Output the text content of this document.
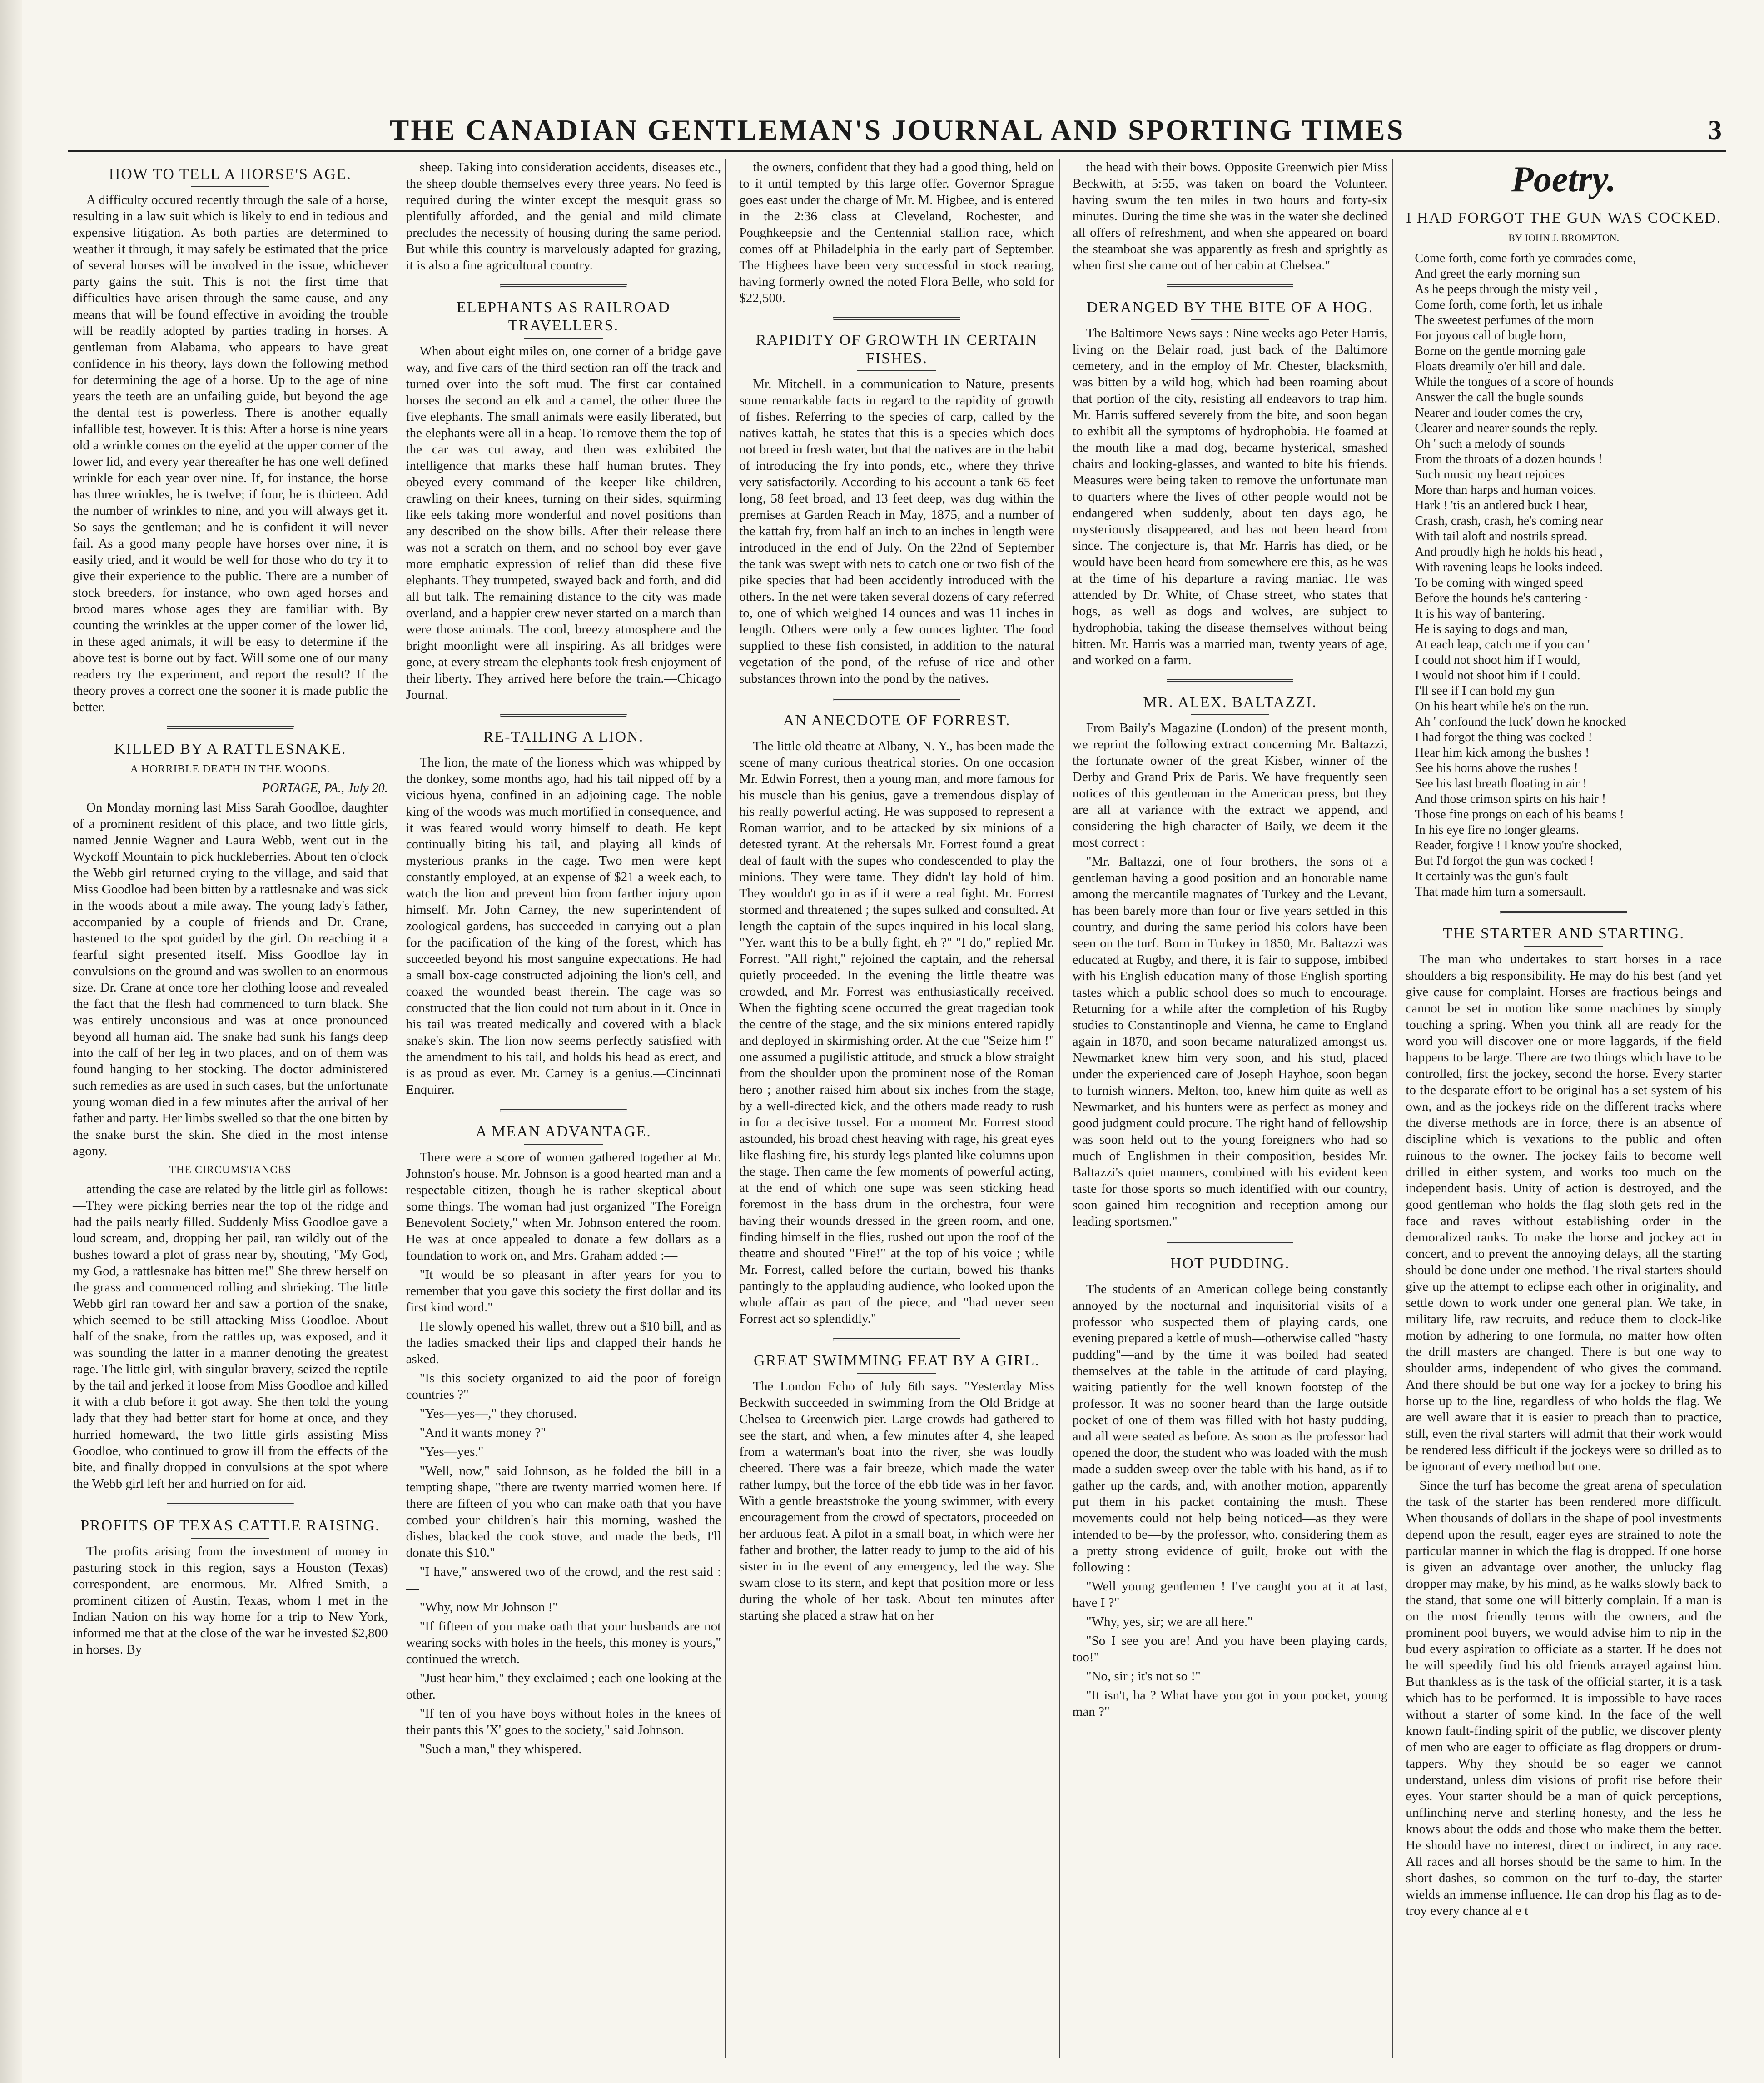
THE CANADIAN GENTLEMAN'S JOURNAL AND SPORTING TIMES	3
HOW TO TELL A HORSE'S AGE.

A difficulty occured recently through the sale of a horse, resulting in a law suit which is likely to end in tedious and expensive litigation. As both parties are determined to weather it through, it may safely be estimated that the price of several horses will be involved in the issue, whichever party gains the suit. This is not the first time that difficulties have arisen through the same cause, and any means that will be found effective in avoiding the trouble will be readily adopted by parties trading in horses. A gentleman from Alabama, who appears to have great confidence in his theory, lays down the following method for determining the age of a horse. Up to the age of nine years the teeth are an unfailing guide, but beyond the age the dental test is powerless. There is another equally infallible test, however. It is this: After a horse is nine years old a wrinkle comes on the eyelid at the upper corner of the lower lid, and every year thereafter he has one well defined wrinkle for each year over nine. If, for instance, the horse has three wrinkles, he is twelve; if four, he is thirteen. Add the number of wrinkles to nine, and you will always get it. So says the gentleman; and he is confident it will never fail. As a good many people have horses over nine, it is easily tried, and it would be well for those who do try it to give their experience to the public. There are a number of stock breeders, for instance, who own aged horses and brood mares whose ages they are familiar with. By counting the wrinkles at the upper corner of the lower lid, in these aged animals, it will be easy to determine if the above test is borne out by fact. Will some one of our many readers try the experiment, and report the result? If the theory proves a correct one the sooner it is made public the better.

KILLED BY A RATTLESNAKE.
A HORRIBLE DEATH IN THE WOODS.
PORTAGE, PA., July 20.

On Monday morning last Miss Sarah Goodloe, daughter of a prominent resident of this place, and two little girls, named Jennie Wagner and Laura Webb, went out in the Wyckoff Mountain to pick huckleberries. About ten o'clock the Webb girl returned crying to the village, and said that Miss Goodloe had been bitten by a rattlesnake and was sick in the woods about a mile away. The young lady's father, accompanied by a couple of friends and Dr. Crane, hastened to the spot guided by the girl. On reaching it a fearful sight presented itself. Miss Goodloe lay in convulsions on the ground and was swollen to an enormous size. Dr. Crane at once tore her clothing loose and revealed the fact that the flesh had commenced to turn black. She was entirely unconsious and was at once pronounced beyond all human aid. The snake had sunk his fangs deep into the calf of her leg in two places, and on of them was found hanging to her stocking. The doctor administered such remedies as are used in such cases, but the unfortunate young woman died in a few minutes after the arrival of her father and party. Her limbs swelled so that the one bitten by the snake burst the skin. She died in the most intense agony.

THE CIRCUMSTANCES

attending the case are related by the little girl as follows:—They were picking berries near the top of the ridge and had the pails nearly filled. Suddenly Miss Goodloe gave a loud scream, and, dropping her pail, ran wildly out of the bushes toward a plot of grass near by, shouting, "My God, my God, a rattlesnake has bitten me!" She threw herself on the grass and commenced rolling and shrieking. The little Webb girl ran toward her and saw a portion of the snake, which seemed to be still attacking Miss Goodloe. About half of the snake, from the rattles up, was exposed, and it was sounding the latter in a manner denoting the greatest rage. The little girl, with singular bravery, seized the reptile by the tail and jerked it loose from Miss Goodloe and killed it with a club before it got away. She then told the young lady that they had better start for home at once, and they hurried homeward, the two little girls assisting Miss Goodloe, who continued to grow ill from the effects of the bite, and finally dropped in convulsions at the spot where the Webb girl left her and hurried on for aid.

PROFITS OF TEXAS CATTLE RAISING.

The profits arising from the investment of money in pasturing stock in this region, says a Houston (Texas) correspondent, are enormous. Mr. Alfred Smith, a prominent citizen of Austin, Texas, whom I met in the Indian Nation on his way home for a trip to New York, informed me that at the close of the war he invested $2,800 in horses. By

sheep. Taking into consideration accidents, diseases etc., the sheep double themselves every three years. No feed is required during the winter except the mesquit grass so plentifully afforded, and the genial and mild climate precludes the necessity of housing during the same period. But while this country is marvelously adapted for grazing, it is also a fine agricultural country.

ELEPHANTS AS RAILROAD TRAVELLERS.

When about eight miles on, one corner of a bridge gave way, and five cars of the third section ran off the track and turned over into the soft mud. The first car contained horses the second an elk and a camel, the other three the five elephants. The small animals were easily liberated, but the elephants were all in a heap. To remove them the top of the car was cut away, and then was exhibited the intelligence that marks these half human brutes. They obeyed every command of the keeper like children, crawling on their knees, turning on their sides, squirming like eels taking more wonderful and novel positions than any described on the show bills. After their release there was not a scratch on them, and no school boy ever gave more emphatic expression of relief than did these five elephants. They trumpeted, swayed back and forth, and did all but talk. The remaining distance to the city was made overland, and a happier crew never started on a march than were those animals. The cool, breezy atmosphere and the bright moonlight were all inspiring. As all bridges were gone, at every stream the elephants took fresh enjoyment of their liberty. They arrived here before the train.—Chicago Journal.

RE-TAILING A LION.

The lion, the mate of the lioness which was whipped by the donkey, some months ago, had his tail nipped off by a vicious hyena, confined in an adjoining cage. The noble king of the woods was much mortified in consequence, and it was feared would worry himself to death. He kept continually biting his tail, and playing all kinds of mysterious pranks in the cage. Two men were kept constantly employed, at an expense of $21 a week each, to watch the lion and prevent him from farther injury upon himself. Mr. John Carney, the new superintendent of zoological gardens, has succeeded in carrying out a plan for the pacification of the king of the forest, which has succeeded beyond his most sanguine expectations. He had a small box-cage constructed adjoining the lion's cell, and coaxed the wounded beast therein. The cage was so constructed that the lion could not turn about in it. Once in his tail was treated medically and covered with a black snake's skin. The lion now seems perfectly satisfied with the amendment to his tail, and holds his head as erect, and is as proud as ever. Mr. Carney is a genius.—Cincinnati Enquirer.

A MEAN ADVANTAGE.

There were a score of women gathered together at Mr. Johnston's house. Mr. Johnson is a good hearted man and a respectable citizen, though he is rather skeptical about some things. The woman had just organized "The Foreign Benevolent Society," when Mr. Johnson entered the room. He was at once appealed to donate a few dollars as a foundation to work on, and Mrs. Graham added :—

"It would be so pleasant in after years for you to remember that you gave this society the first dollar and its first kind word."

He slowly opened his wallet, threw out a $10 bill, and as the ladies smacked their lips and clapped their hands he asked.

"Is this society organized to aid the poor of foreign countries ?"

"Yes—yes—," they chorused.

"And it wants money ?"

"Yes—yes."

"Well, now," said Johnson, as he folded the bill in a tempting shape, "there are twenty married women here. If there are fifteen of you who can make oath that you have combed your children's hair this morning, washed the dishes, blacked the cook stove, and made the beds, I'll donate this $10."

"I have," answered two of the crowd, and the rest said :—

"Why, now Mr Johnson !"

"If fifteen of you make oath that your husbands are not wearing socks with holes in the heels, this money is yours," continued the wretch.

"Just hear him," they exclaimed ; each one looking at the other.

"If ten of you have boys without holes in the knees of their pants this 'X' goes to the society," said Johnson.

"Such a man," they whispered.

the owners, confident that they had a good thing, held on to it until tempted by this large offer. Governor Sprague goes east under the charge of Mr. M. Higbee, and is entered in the 2:36 class at Cleveland, Rochester, and Poughkeepsie and the Centennial stallion race, which comes off at Philadelphia in the early part of September. The Higbees have been very successful in stock rearing, having formerly owned the noted Flora Belle, who sold for $22,500.

RAPIDITY OF GROWTH IN CERTAIN FISHES.

Mr. Mitchell. in a communication to Nature, presents some remarkable facts in regard to the rapidity of growth of fishes. Referring to the species of carp, called by the natives kattah, he states that this is a species which does not breed in fresh water, but that the natives are in the habit of introducing the fry into ponds, etc., where they thrive very satisfactorily. According to his account a tank 65 feet long, 58 feet broad, and 13 feet deep, was dug within the premises at Garden Reach in May, 1875, and a number of the kattah fry, from half an inch to an inches in length were introduced in the end of July. On the 22nd of September the tank was swept with nets to catch one or two fish of the pike species that had been accidently introduced with the others. In the net were taken several dozens of cary referred to, one of which weighed 14 ounces and was 11 inches in length. Others were only a few ounces lighter. The food supplied to these fish consisted, in addition to the natural vegetation of the pond, of the refuse of rice and other substances thrown into the pond by the natives.

AN ANECDOTE OF FORREST.

The little old theatre at Albany, N. Y., has been made the scene of many curious theatrical stories. On one occasion Mr. Edwin Forrest, then a young man, and more famous for his muscle than his genius, gave a tremendous display of his really powerful acting. He was supposed to represent a Roman warrior, and to be attacked by six minions of a detested tyrant. At the rehersals Mr. Forrest found a great deal of fault with the supes who condescended to play the minions. They were tame. They didn't lay hold of him. They wouldn't go in as if it were a real fight. Mr. Forrest stormed and threatened ; the supes sulked and consulted. At length the captain of the supes inquired in his local slang, "Yer. want this to be a bully fight, eh ?" "I do," replied Mr. Forrest. "All right," rejoined the captain, and the rehersal quietly proceeded. In the evening the little theatre was crowded, and Mr. Forrest was enthusiastically received. When the fighting scene occurred the great tragedian took the centre of the stage, and the six minions entered rapidly and deployed in skirmishing order. At the cue "Seize him !" one assumed a pugilistic attitude, and struck a blow straight from the shoulder upon the prominent nose of the Roman hero ; another raised him about six inches from the stage, by a well-directed kick, and the others made ready to rush in for a decisive tussel. For a moment Mr. Forrest stood astounded, his broad chest heaving with rage, his great eyes like flashing fire, his sturdy legs planted like columns upon the stage. Then came the few moments of powerful acting, at the end of which one supe was seen sticking head foremost in the bass drum in the orchestra, four were having their wounds dressed in the green room, and one, finding himself in the flies, rushed out upon the roof of the theatre and shouted "Fire!" at the top of his voice ; while Mr. Forrest, called before the curtain, bowed his thanks pantingly to the applauding audience, who looked upon the whole affair as part of the piece, and "had never seen Forrest act so splendidly."

GREAT SWIMMING FEAT BY A GIRL.

The London Echo of July 6th says. "Yesterday Miss Beckwith succeeded in swimming from the Old Bridge at Chelsea to Greenwich pier. Large crowds had gathered to see the start, and when, a few minutes after 4, she leaped from a waterman's boat into the river, she was loudly cheered. There was a fair breeze, which made the water rather lumpy, but the force of the ebb tide was in her favor. With a gentle breaststroke the young swimmer, with every encouragement from the crowd of spectators, proceeded on her arduous feat. A pilot in a small boat, in which were her father and brother, the latter ready to jump to the aid of his sister in in the event of any emergency, led the way. She swam close to its stern, and kept that position more or less during the whole of her task. About ten minutes after starting she placed a straw hat on her

the head with their bows. Opposite Greenwich pier Miss Beckwith, at 5:55, was taken on board the Volunteer, having swum the ten miles in two hours and forty-six minutes. During the time she was in the water she declined all offers of refreshment, and when she appeared on board the steamboat she was apparently as fresh and sprightly as when first she came out of her cabin at Chelsea."

DERANGED BY THE BITE OF A HOG.

The Baltimore News says : Nine weeks ago Peter Harris, living on the Belair road, just back of the Baltimore cemetery, and in the employ of Mr. Chester, blacksmith, was bitten by a wild hog, which had been roaming about that portion of the city, resisting all endeavors to trap him. Mr. Harris suffered severely from the bite, and soon began to exhibit all the symptoms of hydrophobia. He foamed at the mouth like a mad dog, became hysterical, smashed chairs and looking-glasses, and wanted to bite his friends. Measures were being taken to remove the unfortunate man to quarters where the lives of other people would not be endangered when suddenly, about ten days ago, he mysteriously disappeared, and has not been heard from since. The conjecture is, that Mr. Harris has died, or he would have been heard from somewhere ere this, as he was at the time of his departure a raving maniac. He was attended by Dr. White, of Chase street, who states that hogs, as well as dogs and wolves, are subject to hydrophobia, taking the disease themselves without being bitten. Mr. Harris was a married man, twenty years of age, and worked on a farm.

MR. ALEX. BALTAZZI.

From Baily's Magazine (London) of the present month, we reprint the following extract concerning Mr. Baltazzi, the fortunate owner of the great Kisber, winner of the Derby and Grand Prix de Paris. We have frequently seen notices of this gentleman in the American press, but they are all at variance with the extract we append, and considering the high character of Baily, we deem it the most correct :

"Mr. Baltazzi, one of four brothers, the sons of a gentleman having a good position and an honorable name among the mercantile magnates of Turkey and the Levant, has been barely more than four or five years settled in this country, and during the same period his colors have been seen on the turf. Born in Turkey in 1850, Mr. Baltazzi was educated at Rugby, and there, it is fair to suppose, imbibed with his English education many of those English sporting tastes which a public school does so much to encourage. Returning for a while after the completion of his Rugby studies to Constantinople and Vienna, he came to England again in 1870, and soon became naturalized amongst us. Newmarket knew him very soon, and his stud, placed under the experienced care of Joseph Hayhoe, soon began to furnish winners. Melton, too, knew him quite as well as Newmarket, and his hunters were as perfect as money and good judgment could procure. The right hand of fellowship was soon held out to the young foreigners who had so much of Englishmen in their composition, besides Mr. Baltazzi's quiet manners, combined with his evident keen taste for those sports so much identified with our country, soon gained him recognition and reception among our leading sportsmen."

HOT PUDDING.

The students of an American college being constantly annoyed by the nocturnal and inquisitorial visits of a professor who suspected them of playing cards, one evening prepared a kettle of mush—otherwise called "hasty pudding"—and by the time it was boiled had seated themselves at the table in the attitude of card playing, waiting patiently for the well known footstep of the professor. It was no sooner heard than the large outside pocket of one of them was filled with hot hasty pudding, and all were seated as before. As soon as the professor had opened the door, the student who was loaded with the mush made a sudden sweep over the table with his hand, as if to gather up the cards, and, with another motion, apparently put them in his packet containing the mush. These movements could not help being noticed—as they were intended to be—by the professor, who, considering them as a pretty strong evidence of guilt, broke out with the following :

"Well young gentlemen ! I've caught you at it at last, have I ?"

"Why, yes, sir; we are all here."

"So I see you are! And you have been playing cards, too!"

"No, sir ; it's not so !"

"It isn't, ha ? What have you got in your pocket, young man ?"

Poetry.
I HAD FORGOT THE GUN WAS COCKED.
BY JOHN J. BROMPTON.
Come forth, come forth ye comrades come,
And greet the early morning sun
As he peeps through the misty veil ,
Come forth, come forth, let us inhale
The sweetest perfumes of the morn
For joyous call of bugle horn,
Borne on the gentle morning gale
Floats dreamily o'er hill and dale.
While the tongues of a score of hounds
Answer the call the bugle sounds
Nearer and louder comes the cry,
Clearer and nearer sounds the reply.
Oh ' such a melody of sounds
From the throats of a dozen hounds !
Such music my heart rejoices
More than harps and human voices.
Hark ! 'tis an antlered buck I hear,
Crash, crash, crash, he's coming near
With tail aloft and nostrils spread.
And proudly high he holds his head ,
With ravening leaps he looks indeed.
To be coming with winged speed
Before the hounds he's cantering ·
It is his way of bantering.
He is saying to dogs and man,
At each leap, catch me if you can '
I could not shoot him if I would,
I would not shoot him if I could.
I'll see if I can hold my gun
On his heart while he's on the run.
Ah ' confound the luck' down he knocked
I had forgot the thing was cocked !
Hear him kick among the bushes !
See his horns above the rushes !
See his last breath floating in air !
And those crimson spirts on his hair !
Those fine prongs on each of his beams !
In his eye fire no longer gleams.
Reader, forgive ! I know you're shocked,
But I'd forgot the gun was cocked !
It certainly was the gun's fault
That made him turn a somersault.
THE STARTER AND STARTING.

The man who undertakes to start horses in a race shoulders a big responsibility. He may do his best (and yet give cause for complaint. Horses are fractious beings and cannot be set in motion like some machines by simply touching a spring. When you think all are ready for the word you will discover one or more laggards, if the field happens to be large. There are two things which have to be controlled, first the jockey, second the horse. Every starter to the desparate effort to be original has a set system of his own, and as the jockeys ride on the different tracks where the diverse methods are in force, there is an absence of discipline which is vexations to the public and often ruinous to the owner. The jockey fails to become well drilled in either system, and works too much on the independent basis. Unity of action is destroyed, and the good gentleman who holds the flag sloth gets red in the face and raves without establishing order in the demoralized ranks. To make the horse and jockey act in concert, and to prevent the annoying delays, all the starting should be done under one method. The rival starters should give up the attempt to eclipse each other in originality, and settle down to work under one general plan. We take, in military life, raw recruits, and reduce them to clock-like motion by adhering to one formula, no matter how often the drill masters are changed. There is but one way to shoulder arms, independent of who gives the command. And there should be but one way for a jockey to bring his horse up to the line, regardless of who holds the flag. We are well aware that it is easier to preach than to practice, still, even the rival starters will admit that their work would be rendered less difficult if the jockeys were so drilled as to be ignorant of every method but one.

Since the turf has become the great arena of speculation the task of the starter has been rendered more difficult. When thousands of dollars in the shape of pool investments depend upon the result, eager eyes are strained to note the particular manner in which the flag is dropped. If one horse is given an advantage over another, the unlucky flag dropper may make, by his mind, as he walks slowly back to the stand, that some one will bitterly complain. If a man is on the most friendly terms with the owners, and the prominent pool buyers, we would advise him to nip in the bud every aspiration to officiate as a starter. If he does not he will speedily find his old friends arrayed against him. But thankless as is the task of the official starter, it is a task which has to be performed. It is impossible to have races without a starter of some kind. In the face of the well known fault-finding spirit of the public, we discover plenty of men who are eager to officiate as flag droppers or drum-tappers. Why they should be so eager we cannot understand, unless dim visions of profit rise before their eyes. Your starter should be a man of quick perceptions, unflinching nerve and sterling honesty, and the less he knows about the odds and those who make them the better. He should have no interest, direct or indirect, in any race. All races and all horses should be the same to him. In the short dashes, so common on the turf to-day, the starter wields an immense influence. He can drop his flag as to de-troy every chance al e t
